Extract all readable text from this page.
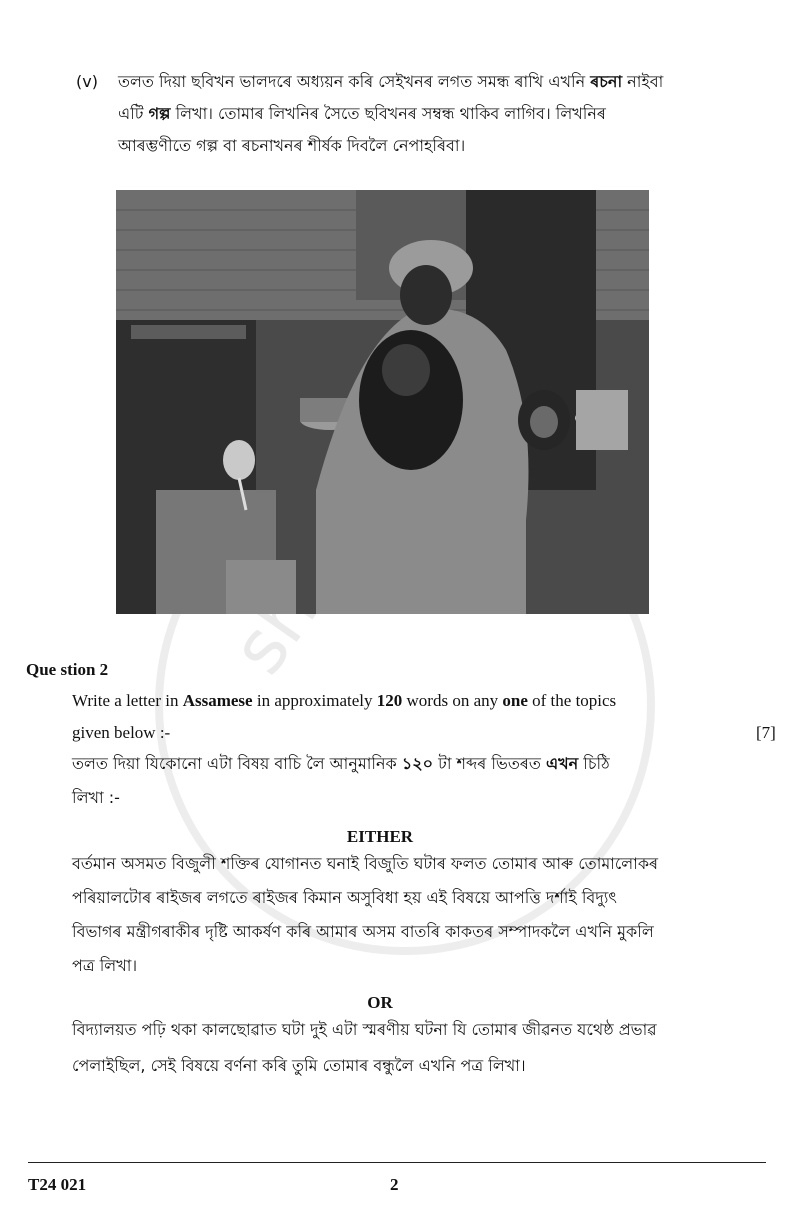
(v) তলত দিয়া ছবিখন ভালদৰে অধ্যয়ন কৰি সেইখনৰ লগত সমন্ধ ৰাখি এখনি ৰচনা নাইবা
এটি গল্প লিখা। তোমাৰ লিখনিৰ সৈতে ছবিখনৰ সম্বন্ধ থাকিব লাগিব। লিখনিৰ
আৰম্ভণীতে গল্প বা ৰচনাখনৰ শীৰ্ষক দিবলৈ নেপাহৰিবা।
Que stion 2
Write a letter in Assamese in approximately 120 words on any one of the topics
given below :-	[7]
তলত দিয়া যিকোনো এটা বিষয় বাচি লৈ আনুমানিক ১২০ টা শব্দৰ ভিতৰত এখন চিঠি
লিখা :-
EITHER
বৰ্তমান অসমত বিজুলী শক্তিৰ যোগানত ঘনাই বিজুতি ঘটাৰ ফলত তোমাৰ আৰু তোমালোকৰ
পৰিয়ালটোৰ ৰাইজৰ লগতে ৰাইজৰ কিমান অসুবিধা হয় এই বিষয়ে আপত্তি দৰ্শাই বিদ্যুৎ
বিভাগৰ মন্ত্ৰীগৰাকীৰ দৃষ্টি আকৰ্ষণ কৰি আমাৰ অসম বাতৰি কাকতৰ সম্পাদকলৈ এখনি মুকলি
পত্ৰ লিখা।
OR
বিদ্যালয়ত পঢ়ি থকা কালছোৱাত ঘটা দুই এটা স্মৰণীয় ঘটনা যি তোমাৰ জীৱনত যথেষ্ঠ প্ৰভাৱ
পেলাইছিল, সেই বিষয়ে বৰ্ণনা কৰি তুমি তোমাৰ বন্ধুলৈ এখনি পত্ৰ লিখা।
T24 021	2
